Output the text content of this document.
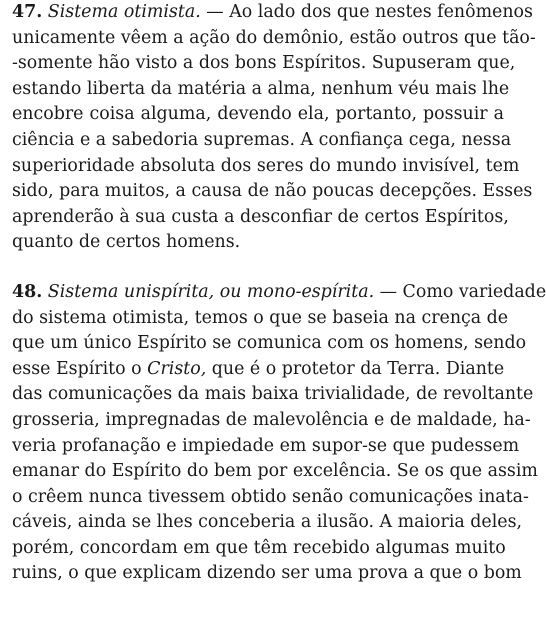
47. Sistema otimista. — Ao lado dos que nestes fenômenos
unicamente vêem a ação do demônio, estão outros que tão-
-somente hão visto a dos bons Espíritos. Supuseram que,
estando liberta da matéria a alma, nenhum véu mais lhe
encobre coisa alguma, devendo ela, portanto, possuir a
ciência e a sabedoria supremas. A confiança cega, nessa
superioridade absoluta dos seres do mundo invisível, tem
sido, para muitos, a causa de não poucas decepções. Esses
aprenderão à sua custa a desconfiar de certos Espíritos,
quanto de certos homens.
48. Sistema unispírita, ou mono-espírita. — Como variedade
do sistema otimista, temos o que se baseia na crença de
que um único Espírito se comunica com os homens, sendo
esse Espírito o Cristo, que é o protetor da Terra. Diante
das comunicações da mais baixa trivialidade, de revoltante
grosseria, impregnadas de malevolência e de maldade, ha-
veria profanação e impiedade em supor-se que pudessem
emanar do Espírito do bem por excelência. Se os que assim
o crêem nunca tivessem obtido senão comunicações inata-
cáveis, ainda se lhes conceberia a ilusão. A maioria deles,
porém, concordam em que têm recebido algumas muito
ruins, o que explicam dizendo ser uma prova a que o bom
